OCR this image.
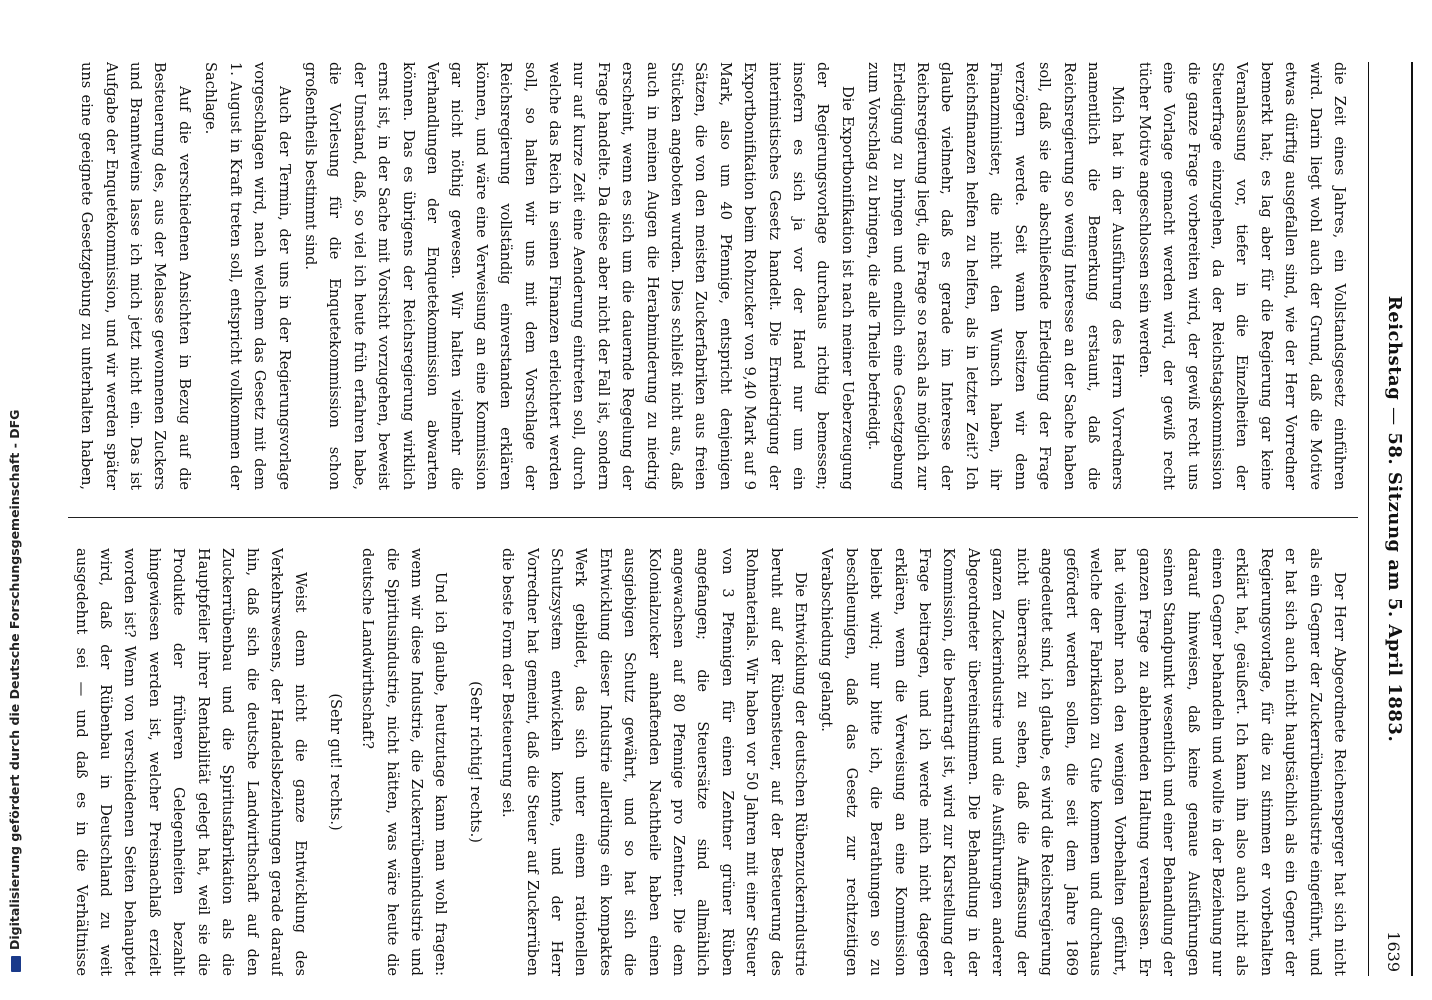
Reichstag — 58. Sitzung am 5. April 1883.
1639

die Zeit eines Jahres, ein Vollstandsgesetz einführen wird. Darin liegt wohl auch der Grund, daß die Motive etwas dürftig ausgefallen sind, wie der Herr Vorredner bemerkt hat; es lag aber für die Regierung gar keine Veranlassung vor, tiefer in die Einzelheiten der Steuerfrage einzugehen, da der Reichstagskommission die ganze Frage vorbereiten wird, der gewiß recht uns eine Vorlage gemacht werden wird, der gewiß recht tücher Motive angeschlossen sein werden.

Mich hat in der Ausführung des Herrn Vorredners namentlich die Bemerkung erstaunt, daß die Reichsregierung so wenig Interesse an der Sache haben soll, daß sie die abschließende Erledigung der Frage verzögern werde. Seit wann besitzen wir denn Finanzminister, die nicht den Wunsch haben, ihr Reichsfinanzen helfen zu helfen, als in letzter Zeit? Ich glaube vielmehr, daß es gerade im Interesse der Reichsregierung liegt, die Frage so rasch als möglich zur Erledigung zu bringen und endlich eine Gesetzgebung zum Vorschlag zu bringen, die alle Theile befriedigt.

Die Exportbonifikation ist nach meiner Ueberzeugung der Regierungsvorlage durchaus richtig bemessen; insofern es sich ja vor der Hand nur um ein interimistisches Gesetz handelt. Die Erniedrigung der Exportbonifikation beim Rohzucker von 9,40 Mark auf 9 Mark, also um 40 Pfennige, entspricht denjenigen Sätzen, die von den meisten Zuckerfabriken aus freien Stücken angeboten wurden. Dies schließt nicht aus, daß auch in meinen Augen die Herabminderung zu niedrig erscheint, wenn es sich um die dauernde Regelung der Frage handelte. Da diese aber nicht der Fall ist, sondern nur auf kurze Zeit eine Aenderung eintreten soll, durch welche das Reich in seinen Finanzen erleichtert werden soll, so halten wir uns mit dem Vorschlage der Reichsregierung vollständig einverstanden erklären können, und wäre eine Verweisung an eine Kommission gar nicht nöthig gewesen. Wir halten vielmehr die Verhandlungen der Enquetekommission abwarten können. Das es übrigens der Reichsregierung wirklich ernst ist, in der Sache mit Vorsicht vorzugehen, beweist der Umstand, daß, so viel ich heute früh erfahren habe, die Vorlesung für die Enquetekommission schon großentheils bestimmt sind.

Auch der Termin, der uns in der Regierungsvorlage vorgeschlagen wird, nach welchem das Gesetz mit dem 1. August in Kraft treten soll, entspricht vollkommen der Sachlage.

Auf die verschiedenen Ansichten in Bezug auf die Besteuerung des, aus der Melasse gewonnenen Zuckers und Branntweins lasse ich mich jetzt nicht ein. Das ist Aufgabe der Enquetekommission, und wir werden später uns eine geeignete Gesetzgebung zu unterhalten haben,

Der Herr Abgeordnete Reichensperger hat sich nicht als ein Gegner der Zuckerrübenindustrie eingeführt, und er hat sich auch nicht hauptsächlich als ein Gegner der Regierungsvorlage, für die zu stimmen er vorbehalten erklärt hat, geäußert. Ich kann ihn also auch nicht als einen Gegner behandeln und wollte in der Beziehung nur darauf hinweisen, daß keine genaue Ausführungen seinen Standpunkt wesentlich und einer Behandlung der ganzen Frage zu ablehnenden Haltung veranlassen. Er hat vielmehr nach den wenigen Vorbehalten geführt, welche der Fabrikation zu Gute kommen und durchaus gefördert werden sollen, die seit dem Jahre 1869 angedeutet sind, ich glaube, es wird die Reichsregierung nicht überrascht zu sehen, daß die Auffassung der ganzen Zuckerindustrie und die Ausführungen anderer Abgeordneter übereinstimmen. Die Behandlung in der Kommission, die beantragt ist, wird zur Klarstellung der Frage beitragen, und ich werde mich nicht dagegen erklären, wenn die Verweisung an eine Kommission beliebt wird; nur bitte ich, die Berathungen so zu beschleunigen, daß das Gesetz zur rechtzeitigen Verabschiedung gelangt.

Die Entwicklung der deutschen Rübenzuckerindustrie beruht auf der Rübensteuer, auf der Besteuerung des Rohmaterials. Wir haben vor 50 Jahren mit einer Steuer von 3 Pfennigen für einen Zentner grüner Rüben angefangen; die Steuersätze sind allmählich angewachsen auf 80 Pfennige pro Zentner. Die dem Kolonialzucker anhaftenden Nachtheile haben einen ausgiebigen Schutz gewährt, und so hat sich die Entwicklung dieser Industrie allerdings ein kompaktes Werk gebildet, das sich unter einem rationellen Schutzsystem entwickeln konnte, und der Herr Vorredner hat gemeint, daß die Steuer auf Zuckerrüben die beste Form der Besteuerung sei.

(Sehr richtig! rechts.)

Und ich glaube, heutzutage kann man wohl fragen: wenn wir diese Industrie, die Zuckerrübenindustrie und die Spiritusindustrie, nicht hätten, was wäre heute die deutsche Landwirthschaft?

(Sehr gut! rechts.)

Weist denn nicht die ganze Entwicklung des Verkehrswesens, der Handelsbeziehungen gerade darauf hin, daß sich die deutsche Landwirthschaft auf den Zuckerrübenbau und die Spiritusfabrikation als die Hauptpfeiler ihrer Rentabilität gelegt hat, weil sie die Produkte der früheren Gelegenheiten bezahlt hingewiesen werden ist, welcher Preisnachlaß erzielt worden ist? Wenn von verschiedenen Seiten behauptet wird, daß der Rübenbau in Deutschland zu weit ausgedehnt sei — und daß es in die Verhältnisse

Digitalisierung gefördert durch die Deutsche Forschungsgemeinschaft - DFG
